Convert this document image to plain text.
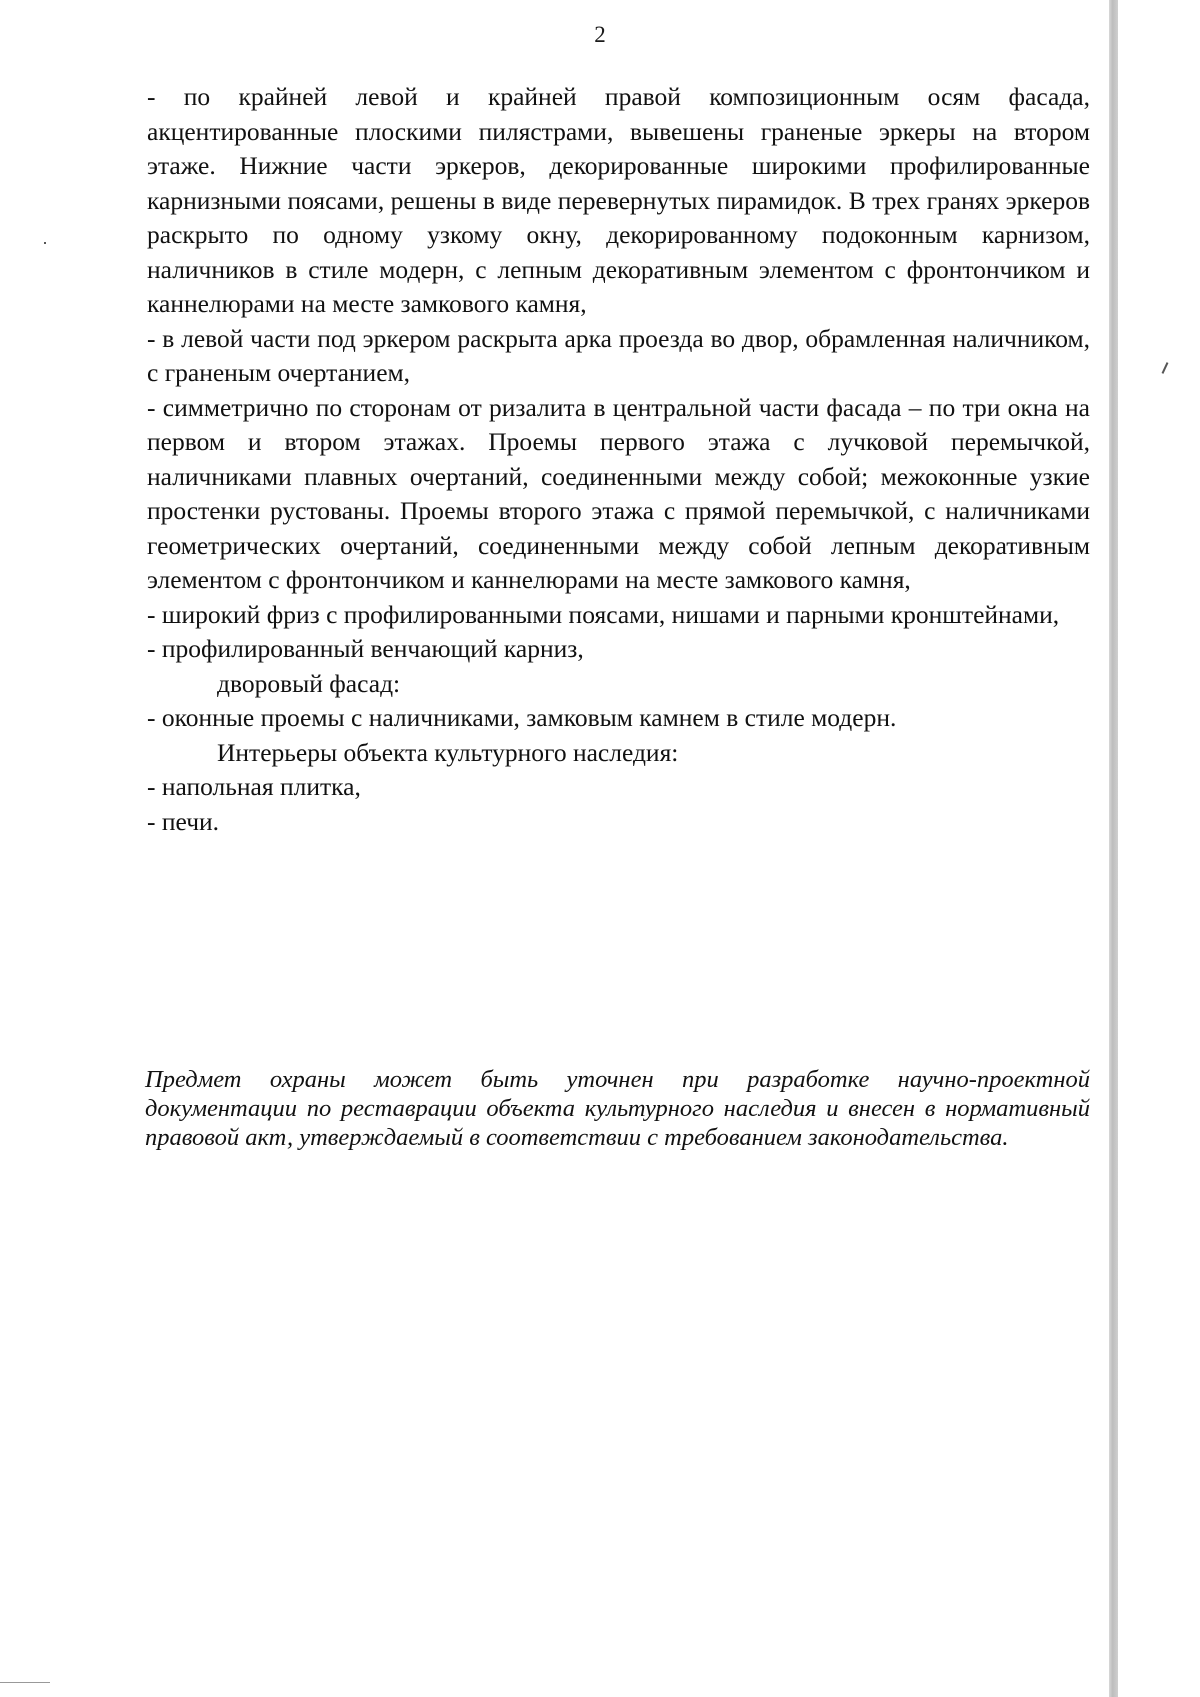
2

- по крайней левой и крайней правой композиционным осям фасада, акцентированные плоскими пилястрами, вывешены граненые эркеры на втором этаже. Нижние части эркеров, декорированные широкими профилированные карнизными поясами, решены в виде перевернутых пирамидок. В трех гранях эркеров раскрыто по одному узкому окну, декорированному подоконным карнизом, наличников в стиле модерн, с лепным декоративным элементом с фронтончиком и каннелюрами на месте замкового камня,

- в левой части под эркером раскрыта арка проезда во двор, обрамленная наличником, с граненым очертанием,

- симметрично по сторонам от ризалита в центральной части фасада – по три окна на первом и втором этажах. Проемы первого этажа с лучковой перемычкой, наличниками плавных очертаний, соединенными между собой; межоконные узкие простенки рустованы. Проемы второго этажа с прямой перемычкой, с наличниками геометрических очертаний, соединенными между собой лепным декоративным элементом с фронтончиком и каннелюрами на месте замкового камня,

- широкий фриз с профилированными поясами, нишами и парными кронштейнами,

- профилированный венчающий карниз,

дворовый фасад:

- оконные проемы с наличниками, замковым камнем в стиле модерн.

Интерьеры объекта культурного наследия:

- напольная плитка,

- печи.

Предмет охраны может быть уточнен при разработке научно-проектной документации по реставрации объекта культурного наследия и внесен в нормативный правовой акт, утверждаемый в соответствии с требованием законодательства.
